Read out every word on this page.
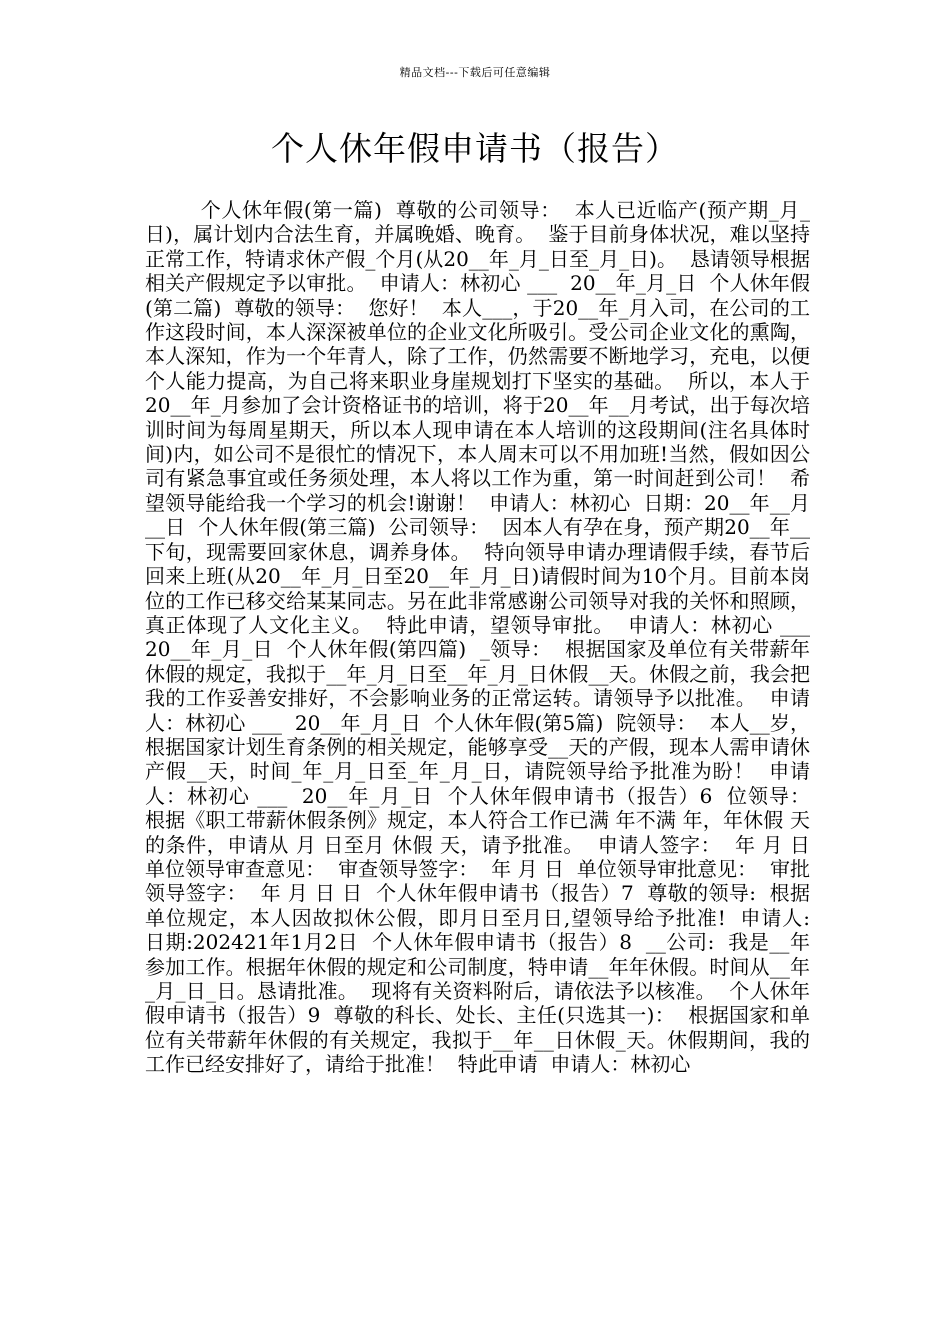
精品文档---下载后可任意编辑
个人休年假申请书（报告）

个人休年假(第一篇)  尊敬的公司领导：  本人已近临产(预产期_月_日)，属计划内合法生育，并属晚婚、晚育。  鉴于目前身体状况，难以坚持正常工作，特请求休产假_个月(从20__年_月_日至_月_日)。  恳请领导根据相关产假规定予以审批。  申请人：林初心 ___  20__年_月_日  个人休年假(第二篇)  尊敬的领导：  您好！  本人___，于20__年_月入司，在公司的工作这段时间，本人深深被单位的企业文化所吸引。受公司企业文化的熏陶，本人深知，作为一个年青人，除了工作，仍然需要不断地学习，充电，以便个人能力提高，为自己将来职业身崖规划打下坚实的基础。  所以，本人于20__年_月参加了会计资格证书的培训，将于20__年__月考试，出于每次培训时间为每周星期天，所以本人现申请在本人培训的这段期间(注名具体时间)内，如公司不是很忙的情况下，本人周末可以不用加班!当然，假如因公司有紧急事宜或任务须处理，本人将以工作为重，第一时间赶到公司！  希望领导能给我一个学习的机会!谢谢！  申请人：林初心  日期：20__年__月__日  个人休年假(第三篇)  公司领导：  因本人有孕在身，预产期20__年__下旬，现需要回家休息，调养身体。  特向领导申请办理请假手续，春节后回来上班(从20__年_月_日至20__年_月_日)请假时间为10个月。目前本岗位的工作已移交给某某同志。另在此非常感谢公司领导对我的关怀和照顾，真正体现了人文化主义。  特此申请，望领导审批。  申请人：林初心 ___  20__年_月_日  个人休年假(第四篇)  _领导：  根据国家及单位有关带薪年休假的规定，我拟于__年_月_日至__年_月_日休假__天。休假之前，我会把我的工作妥善安排好，不会影响业务的正常运转。请领导予以批准。  申请人：林初心 ___  20__年_月_日  个人休年假(第5篇)  院领导：  本人__岁，根据国家计划生育条例的相关规定，能够享受__天的产假，现本人需申请休产假__天，时间_年_月_日至_年_月_日，请院领导给予批准为盼！  申请人：林初心 ___  20__年_月_日  个人休年假申请书（报告）6  位领导：  根据《职工带薪休假条例》规定，本人符合工作已满 年不满 年，年休假 天的条件，申请从 月 日至月 休假 天，请予批准。  申请人签字：  年 月 日  单位领导审查意见：  审查领导签字：  年 月 日  单位领导审批意见：  审批领导签字：  年 月 日 日  个人休年假申请书（报告）7  尊敬的领导:  根据单位规定，本人因故拟休公假，即月日至月日,望领导给予批准!  申请人:  日期:202421年1月2日  个人休年假申请书（报告）8  __公司:  我是__年参加工作。根据年休假的规定和公司制度，特申请__年年休假。时间从__年_月_日_日。恳请批准。  现将有关资料附后，请依法予以核准。  个人休年假申请书（报告）9  尊敬的科长、处长、主任(只选其一)：  根据国家和单位有关带薪年休假的有关规定，我拟于__年__日休假_天。休假期间，我的工作已经安排好了，请给于批准！  特此申请  申请人：林初心
